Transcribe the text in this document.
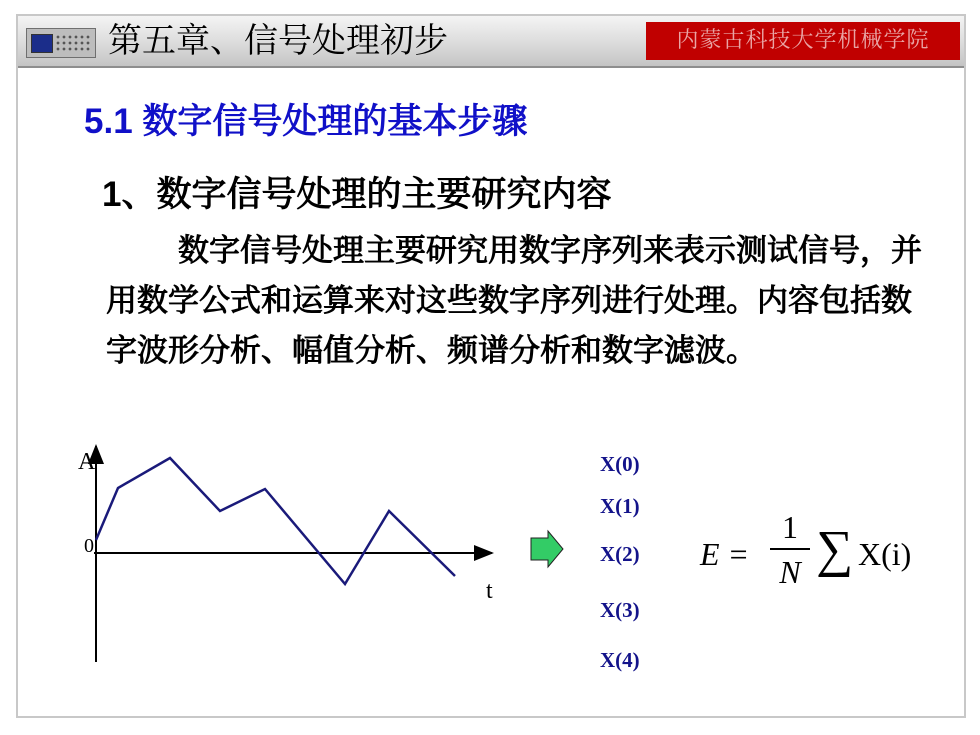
第五章、信号处理初步	内蒙古科技大学机械学院
5.1 数字信号处理的基本步骤
1、数字信号处理的主要研究内容
数字信号处理主要研究用数字序列来表示测试信号，并用数学公式和运算来对这些数字序列进行处理。内容包括数字波形分析、幅值分析、频谱分析和数字滤波。
A
0
t
X(0)
X(1)
X(2)
X(3)
X(4)
E =
1
N ∑ X(i)
